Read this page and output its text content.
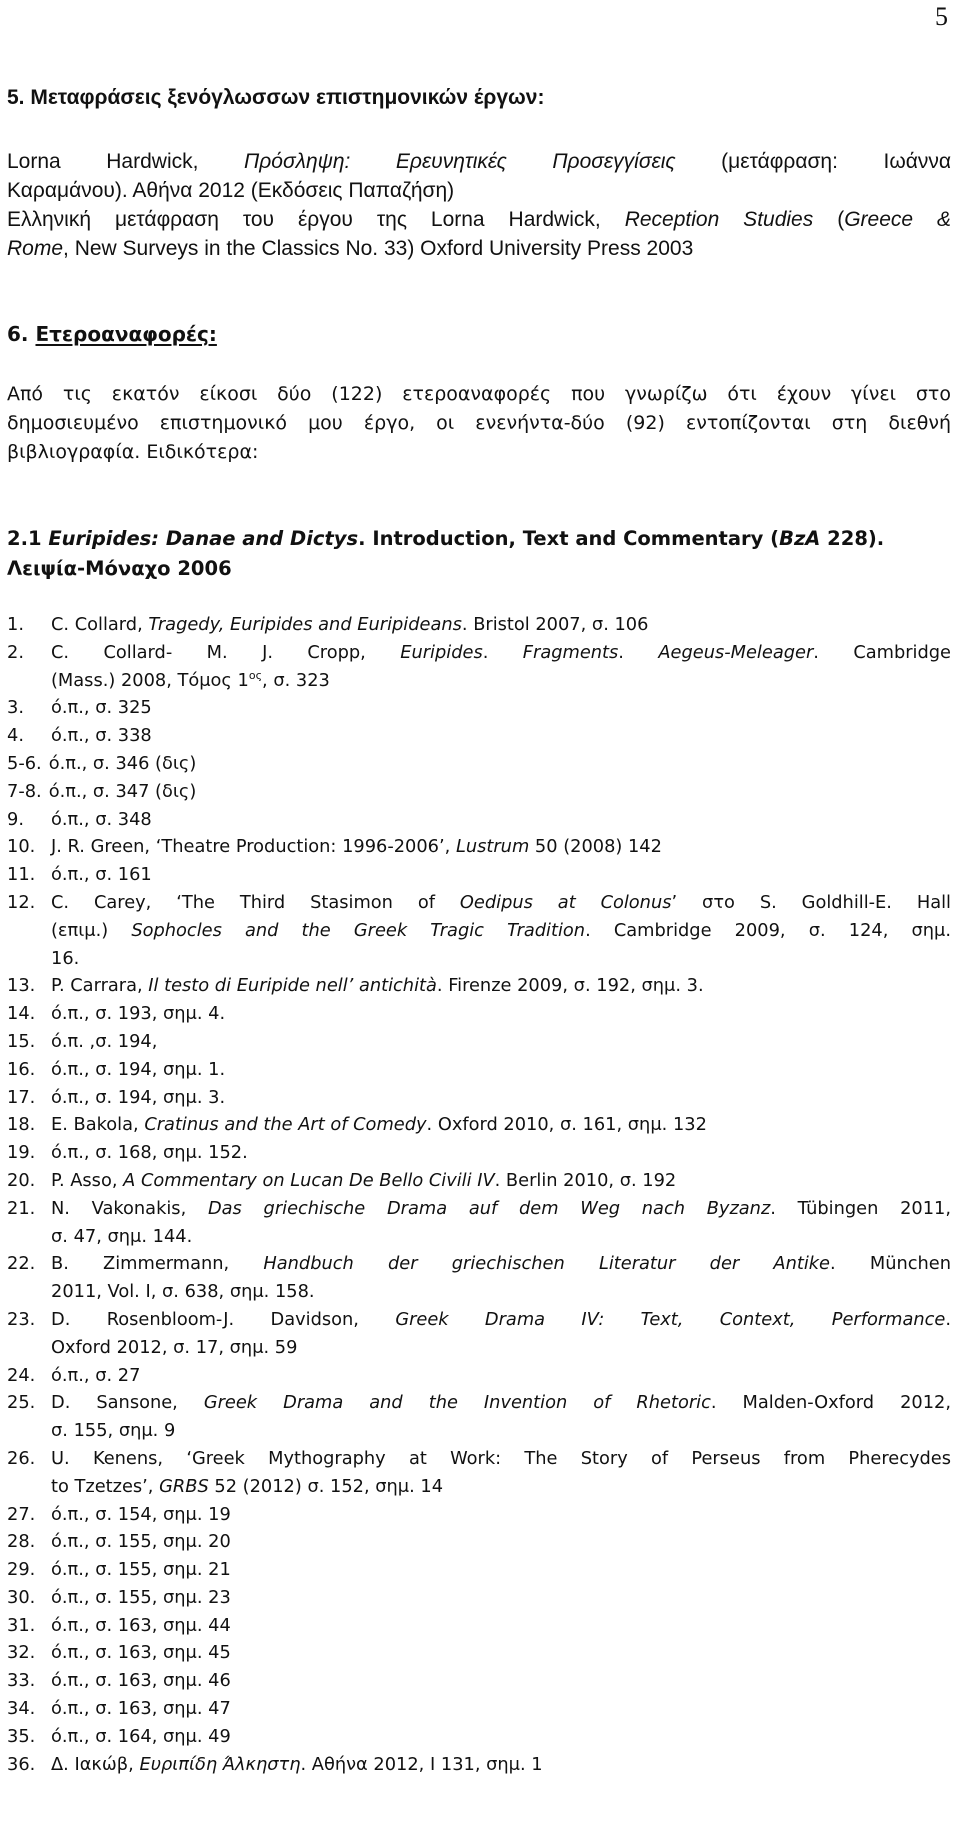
5
5. Μεταφράσεις ξενόγλωσσων επιστημονικών έργων:
Lorna Hardwick, Πρόσληψη: Ερευνητικές Προσεγγίσεις (μετάφραση: Ιωάννα
Καραμάνου). Αθήνα 2012 (Εκδόσεις Παπαζήση)
Ελληνική μετάφραση του έργου της Lorna Hardwick, Reception Studies (Greece &
Rome, New Surveys in the Classics No. 33) Oxford University Press 2003
6. Ετεροαναφορές:
Από τις εκατόν είκοσι δύο (122) ετεροαναφορές που γνωρίζω ότι έχουν γίνει στο
δημοσιευμένο επιστημονικό μου έργο, οι ενενήντα-δύο (92) εντοπίζονται στη διεθνή
βιβλιογραφία. Ειδικότερα:
2.1 Euripides: Danae and Dictys. Introduction, Text and Commentary (BzA 228).
Λειψία-Μόναχο 2006
1.	C. Collard, Tragedy, Euripides and Euripideans. Bristol 2007, σ. 106
2.	C. Collard- M. J. Cropp, Euripides. Fragments. Aegeus-Meleager. Cambridge
(Mass.) 2008, Τόμος $1^{o\varsigma}$, σ. 323
3.	ό.π., σ. 325
4.	ό.π., σ. 338
5-6. ό.π., σ. 346 (δις)
7-8. ό.π., σ. 347 (δις)
9.	ό.π., σ. 348
10. J. R. Green, ‘Theatre Production: 1996-2006’, Lustrum 50 (2008) 142
11. ό.π., σ. 161
12. C. Carey, ‘The Third Stasimon of Oedipus at Colonus’ στο S. Goldhill-E. Hall
(επιμ.) Sophocles and the Greek Tragic Tradition. Cambridge 2009, σ. 124, σημ.
16.
13. P. Carrara, Il testo di Euripide nell’ antichità. Firenze 2009, σ. 192, σημ. 3.
14. ό.π., σ. 193, σημ. 4.
15. ό.π. ,σ. 194,
16. ό.π., σ. 194, σημ. 1.
17. ό.π., σ. 194, σημ. 3.
18. E. Bakola, Cratinus and the Art of Comedy. Oxford 2010, σ. 161, σημ. 132
19. ό.π., σ. 168, σημ. 152.
20. P. Asso, A Commentary on Lucan De Bello Civili IV. Berlin 2010, σ. 192
21. N. Vakonakis, Das griechische Drama auf dem Weg nach Byzanz. Tübingen 2011,
σ. 47, σημ. 144.
22. B. Zimmermann, Handbuch der griechischen Literatur der Antike. München
2011, Vol. I, σ. 638, σημ. 158.
23. D. Rosenbloom-J. Davidson, Greek Drama IV: Text, Context, Performance.
Oxford 2012, σ. 17, σημ. 59
24. ό.π., σ. 27
25. D. Sansone, Greek Drama and the Invention of Rhetoric. Malden-Oxford 2012,
σ. 155, σημ. 9
26. U. Kenens, ‘Greek Mythography at Work: The Story of Perseus from Pherecydes
to Tzetzes’, GRBS 52 (2012) σ. 152, σημ. 14
27. ό.π., σ. 154, σημ. 19
28. ό.π., σ. 155, σημ. 20
29. ό.π., σ. 155, σημ. 21
30. ό.π., σ. 155, σημ. 23
31. ό.π., σ. 163, σημ. 44
32. ό.π., σ. 163, σημ. 45
33. ό.π., σ. 163, σημ. 46
34. ό.π., σ. 163, σημ. 47
35. ό.π., σ. 164, σημ. 49
36. Δ. Ιακώβ, Ευριπίδη Άλκηστη. Αθήνα 2012, Ι 131, σημ. 1
